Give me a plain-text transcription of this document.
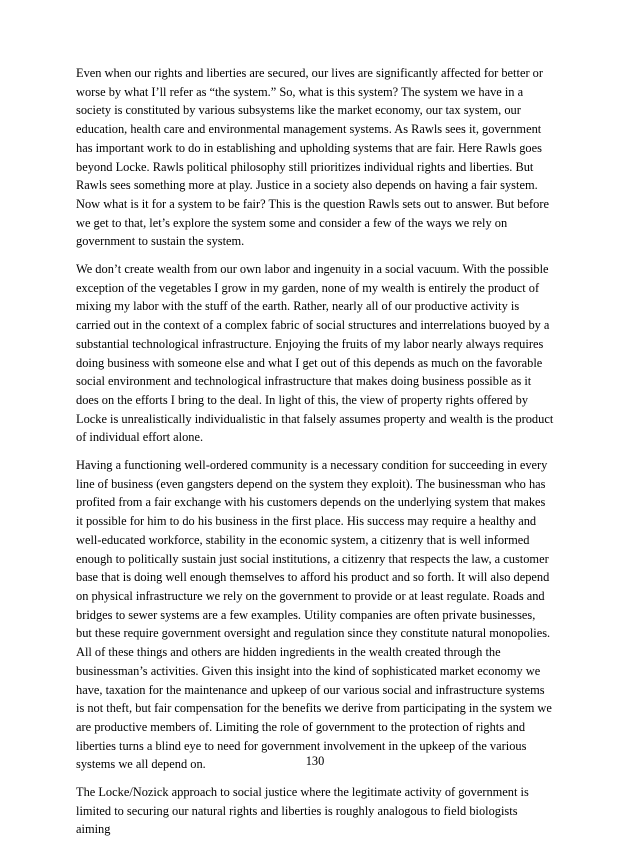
Even when our rights and liberties are secured, our lives are significantly affected for better or worse by what I’ll refer as “the system.” So, what is this system? The system we have in a society is constituted by various subsystems like the market economy, our tax system, our education, health care and environmental management systems. As Rawls sees it, government has important work to do in establishing and upholding systems that are fair. Here Rawls goes beyond Locke. Rawls political philosophy still prioritizes individual rights and liberties. But Rawls sees something more at play. Justice in a society also depends on having a fair system. Now what is it for a system to be fair? This is the question Rawls sets out to answer. But before we get to that, let’s explore the system some and consider a few of the ways we rely on government to sustain the system.

We don’t create wealth from our own labor and ingenuity in a social vacuum. With the possible exception of the vegetables I grow in my garden, none of my wealth is entirely the product of mixing my labor with the stuff of the earth. Rather, nearly all of our productive activity is carried out in the context of a complex fabric of social structures and interrelations buoyed by a substantial technological infrastructure. Enjoying the fruits of my labor nearly always requires doing business with someone else and what I get out of this depends as much on the favorable social environment and technological infrastructure that makes doing business possible as it does on the efforts I bring to the deal. In light of this, the view of property rights offered by Locke is unrealistically individualistic in that falsely assumes property and wealth is the product of individual effort alone.

Having a functioning well-ordered community is a necessary condition for succeeding in every line of business (even gangsters depend on the system they exploit). The businessman who has profited from a fair exchange with his customers depends on the underlying system that makes it possible for him to do his business in the first place. His success may require a healthy and well-educated workforce, stability in the economic system, a citizenry that is well informed enough to politically sustain just social institutions, a citizenry that respects the law, a customer base that is doing well enough themselves to afford his product and so forth. It will also depend on physical infrastructure we rely on the government to provide or at least regulate. Roads and bridges to sewer systems are a few examples. Utility companies are often private businesses, but these require government oversight and regulation since they constitute natural monopolies. All of these things and others are hidden ingredients in the wealth created through the businessman’s activities. Given this insight into the kind of sophisticated market economy we have, taxation for the maintenance and upkeep of our various social and infrastructure systems is not theft, but fair compensation for the benefits we derive from participating in the system we are productive members of. Limiting the role of government to the protection of rights and liberties turns a blind eye to need for government involvement in the upkeep of the various systems we all depend on.

The Locke/Nozick approach to social justice where the legitimate activity of government is limited to securing our natural rights and liberties is roughly analogous to field biologists aiming

130
